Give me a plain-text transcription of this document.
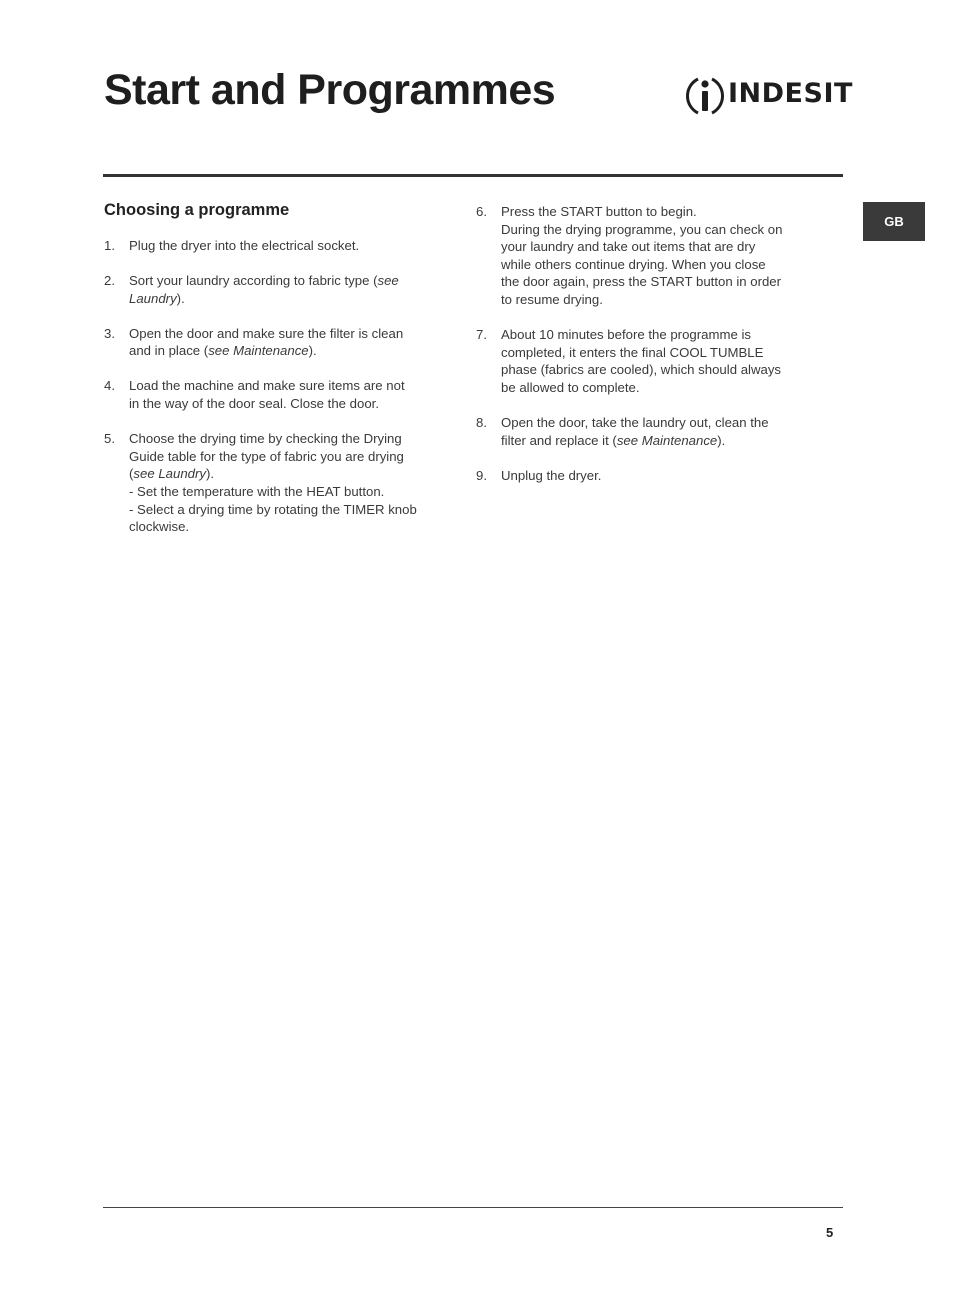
Start and Programmes	INDESIT
GB
Choosing a programme
1. Plug the dryer into the electrical socket.
2. Sort your laundry according to fabric type (see
Laundry).
3. Open the door and make sure the filter is clean
and in place (see Maintenance).
4. Load the machine and make sure items are not
in the way of the door seal. Close the door.
5. Choose the drying time by checking the Drying
Guide table for the type of fabric you are drying
(see Laundry).
- Set the temperature with the HEAT button.
- Select a drying time by rotating the TIMER knob
clockwise.
6. Press the START button to begin.
During the drying programme, you can check on
your laundry and take out items that are dry
while others continue drying. When you close
the door again, press the START button in order
to resume drying.
7. About 10 minutes before the programme is
completed, it enters the final COOL TUMBLE
phase (fabrics are cooled), which should always
be allowed to complete.
8. Open the door, take the laundry out, clean the
filter and replace it (see Maintenance).
9. Unplug the dryer.
5
